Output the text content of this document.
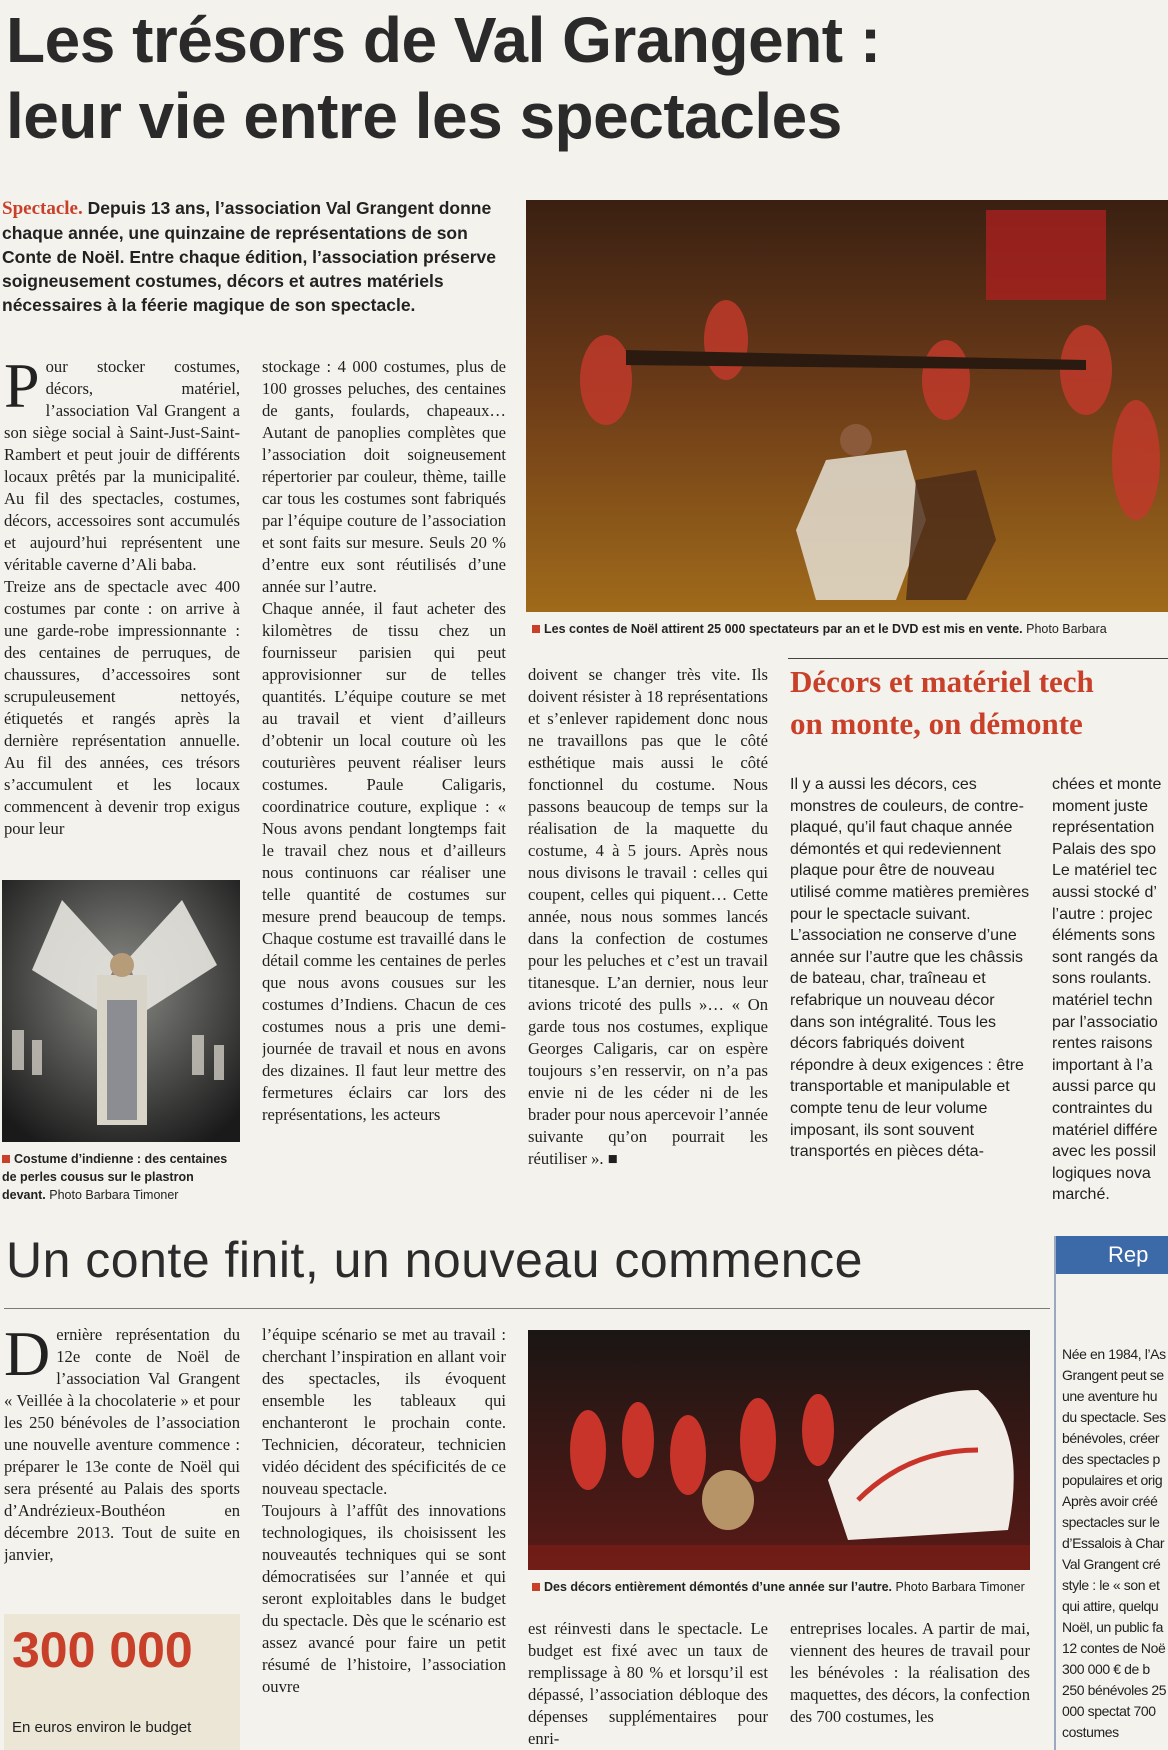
Les trésors de Val Grangent :
leur vie entre les spectacles
Spectacle. Depuis 13 ans, l’association Val Grangent donne chaque année, une quinzaine de représentations de son Conte de Noël. Entre chaque édition, l’association préserve soigneusement costumes, décors et autres matériels nécessaires à la féerie magique de son spectacle.
P our stocker costumes, décors, matériel, l’association Val Grangent a son siège social à Saint-Just-Saint-Rambert et peut jouir de différents locaux prêtés par la municipalité. Au fil des spectacles, costumes, décors, accessoires sont accumulés et aujourd’hui représentent une véritable caverne d’Ali baba.

Treize ans de spectacle avec 400 costumes par conte : on arrive à une garde-robe impressionnante : des centaines de perruques, de chaussures, d’accessoires sont scrupuleusement nettoyés, étiquetés et rangés après la dernière représentation annuelle. Au fil des années, ces trésors s’accumulent et les locaux commencent à devenir trop exigus pour leur

Costume d’indienne : des centaines de perles cousus sur le plastron devant. Photo Barbara Timoner

stockage : 4 000 costumes, plus de 100 grosses peluches, des centaines de gants, foulards, chapeaux… Autant de panoplies complètes que l’association doit soigneusement répertorier par couleur, thème, taille car tous les costumes sont fabriqués par l’équipe couture de l’association et sont faits sur mesure. Seuls 20 % d’entre eux sont réutilisés d’une année sur l’autre.

Chaque année, il faut acheter des kilomètres de tissu chez un fournisseur parisien qui peut approvisionner sur de telles quantités. L’équipe couture se met au travail et vient d’ailleurs d’obtenir un local couture où les couturières peuvent réaliser leurs costumes. Paule Caligaris, coordinatrice couture, explique : « Nous avons pendant longtemps fait le travail chez nous et d’ailleurs nous continuons car réaliser une telle quantité de costumes sur mesure prend beaucoup de temps. Chaque costume est travaillé dans le détail comme les centaines de perles que nous avons cousues sur les costumes d’Indiens. Chacun de ces costumes nous a pris une demi-journée de travail et nous en avons des dizaines. Il faut leur mettre des fermetures éclairs car lors des représentations, les acteurs

Les contes de Noël attirent 25 000 spectateurs par an et le DVD est mis en vente. Photo Barbara

doivent se changer très vite. Ils doivent résister à 18 représentations et s’enlever rapidement donc nous ne travaillons pas que le côté esthétique mais aussi le côté fonctionnel du costume. Nous passons beaucoup de temps sur la réalisation de la maquette du costume, 4 à 5 jours. Après nous nous divisons le travail : celles qui coupent, celles qui piquent… Cette année, nous nous sommes lancés dans la confection de costumes pour les peluches et c’est un travail titanesque. L’an dernier, nous leur avions tricoté des pulls »… « On garde tous nos costumes, explique Georges Caligaris, car on espère toujours s’en resservir, on n’a pas envie ni de les céder ni de les brader pour nous apercevoir l’année suivante qu’on pourrait les réutiliser ». ■

Décors et matériel tech
on monte, on démonte

Il y a aussi les décors, ces monstres de couleurs, de contre-plaqué, qu’il faut chaque année démontés et qui redeviennent plaque pour être de nouveau utilisé comme matières premières pour le spectacle suivant. L’association ne conserve d’une année sur l’autre que les châssis de bateau, char, traîneau et refabrique un nouveau décor dans son intégralité. Tous les décors fabriqués doivent répondre à deux exigences : être transportable et manipulable et compte tenu de leur volume imposant, ils sont souvent transportés en pièces déta-

chées et monte moment juste représentation Palais des spo Le matériel tec aussi stocké d’ l’autre : projec éléments sons sont rangés da sons roulants. matériel techn par l’associatio rentes raisons important à l’a aussi parce qu contraintes du matériel différe avec les possil logiques nova marché.

Un conte finit, un nouveau commence	Rep

Née en 1984, l’As Grangent peut se une aventure hu du spectacle. Ses bénévoles, créer des spectacles p populaires et orig Après avoir créé spectacles sur le d’Essalois à Char Val Grangent cré style : le « son et qui attire, quelqu Noël, un public fa 12 contes de Noë 300 000 € de b 250 bénévoles 25 000 spectat 700 costumes

D ernière représentation du 12e conte de Noël de l’association Val Grangent « Veillée à la chocolaterie » et pour les 250 bénévoles de l’association une nouvelle aventure commence : préparer le 13e conte de Noël qui sera présenté au Palais des sports d’Andrézieux-Bouthéon en décembre 2013. Tout de suite en janvier,

300 000
En euros environ le budget

l’équipe scénario se met au travail : cherchant l’inspiration en allant voir des spectacles, ils évoquent ensemble les tableaux qui enchanteront le prochain conte. Technicien, décorateur, technicien vidéo décident des spécificités de ce nouveau spectacle.

Toujours à l’affût des innovations technologiques, ils choisissent les nouveautés techniques qui se sont démocratisées sur l’année et qui seront exploitables dans le budget du spectacle. Dès que le scénario est assez avancé pour faire un petit résumé de l’histoire, l’association ouvre

Des décors entièrement démontés d’une année sur l’autre. Photo Barbara Timoner

est réinvesti dans le spectacle. Le budget est fixé avec un taux de remplissage à 80 % et lorsqu’il est dépassé, l’association débloque des dépenses supplémentaires pour enri-

entreprises locales. A partir de mai, viennent des heures de travail pour les bénévoles : la réalisation des maquettes, des décors, la confection des 700 costumes, les
